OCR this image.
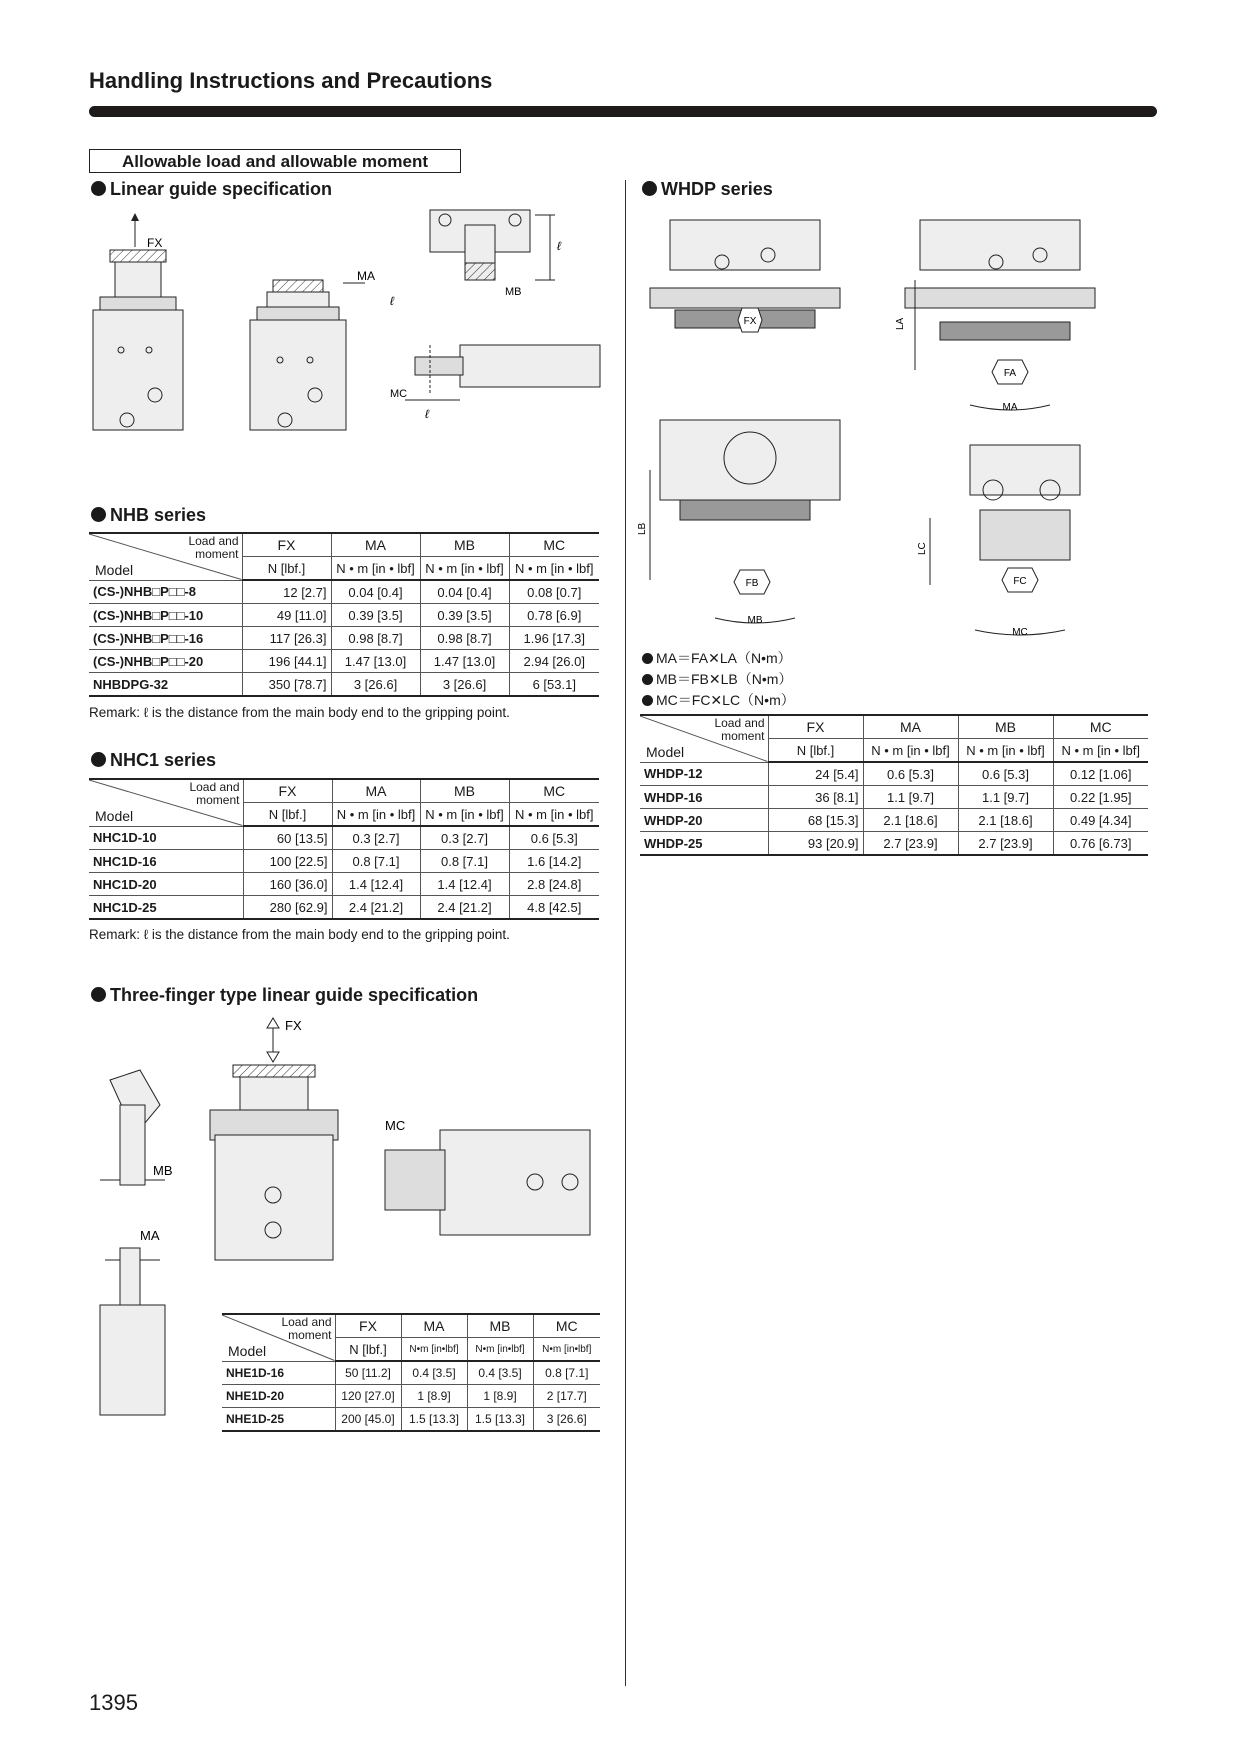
Handling Instructions and Precautions
Allowable load and allowable moment
Linear guide specification
FX
MA
ℓ
ℓ
MB
MC
ℓ
NHB series
Load and
moment
Model	FX	MA	MB	MC
	N [lbf.]	N • m [in • lbf]	N • m [in • lbf]	N • m [in • lbf]
(CS-)NHB□P□□-8	12 [2.7]	0.04 [0.4]	0.04 [0.4]	0.08 [0.7]
(CS-)NHB□P□□-10	49 [11.0]	0.39 [3.5]	0.39 [3.5]	0.78 [6.9]
(CS-)NHB□P□□-16	117 [26.3]	0.98 [8.7]	0.98 [8.7]	1.96 [17.3]
(CS-)NHB□P□□-20	196 [44.1]	1.47 [13.0]	1.47 [13.0]	2.94 [26.0]
NHBDPG-32	350 [78.7]	3 [26.6]	3 [26.6]	6 [53.1]
Remark: ℓ is the distance from the main body end to the gripping point.
NHC1 series
Load and
moment
Model	FX	MA	MB	MC
	N [lbf.]	N • m [in • lbf]	N • m [in • lbf]	N • m [in • lbf]
NHC1D-10	60 [13.5]	0.3 [2.7]	0.3 [2.7]	0.6 [5.3]
NHC1D-16	100 [22.5]	0.8 [7.1]	0.8 [7.1]	1.6 [14.2]
NHC1D-20	160 [36.0]	1.4 [12.4]	1.4 [12.4]	2.8 [24.8]
NHC1D-25	280 [62.9]	2.4 [21.2]	2.4 [21.2]	4.8 [42.5]
Remark: ℓ is the distance from the main body end to the gripping point.
Three-finger type linear guide specification
FX
MB
MA
MC
Load and
moment
Model	FX	MA	MB	MC
	N [lbf.]	N•m [in•lbf]	N•m [in•lbf]	N•m [in•lbf]
NHE1D-16	50 [11.2]	0.4 [3.5]	0.4 [3.5]	0.8 [7.1]
NHE1D-20	120 [27.0]	1 [8.9]	1 [8.9]	2 [17.7]
NHE1D-25	200 [45.0]	1.5 [13.3]	1.5 [13.3]	3 [26.6]
WHDP series
FX
FA
LA
MA
FB
LB
MB
FC
LC
MC
MA＝FA✕LA（N•m）
MB＝FB✕LB（N•m）
MC＝FC✕LC（N•m）
Load and
moment
Model	FX	MA	MB	MC
	N [lbf.]	N • m [in • lbf]	N • m [in • lbf]	N • m [in • lbf]
WHDP-12	24 [5.4]	0.6 [5.3]	0.6 [5.3]	0.12 [1.06]
WHDP-16	36 [8.1]	1.1 [9.7]	1.1 [9.7]	0.22 [1.95]
WHDP-20	68 [15.3]	2.1 [18.6]	2.1 [18.6]	0.49 [4.34]
WHDP-25	93 [20.9]	2.7 [23.9]	2.7 [23.9]	0.76 [6.73]
1395
